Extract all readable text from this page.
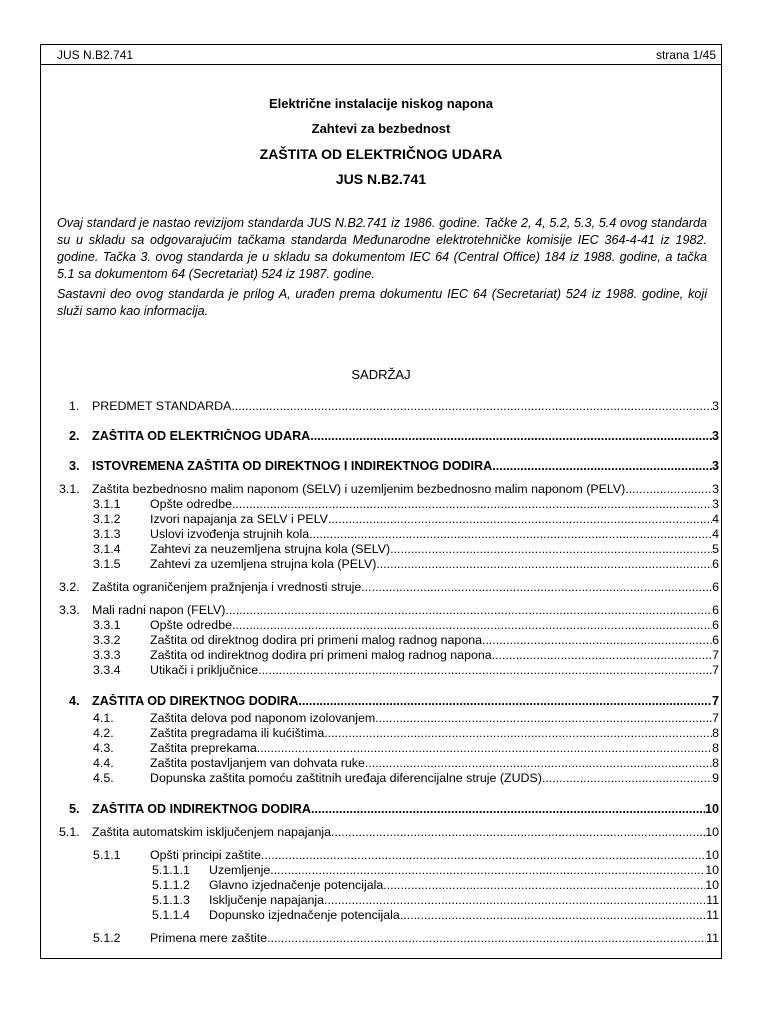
JUS N.B2.741	strana 1/45
Električne instalacije niskog napona
Zahtevi za bezbednost
ZAŠTITA OD ELEKTRIČNOG UDARA
JUS N.B2.741

Ovaj standard je nastao revizijom standarda JUS N.B2.741 iz 1986. godine. Tačke 2, 4, 5.2, 5.3, 5.4 ovog standarda su u skladu sa odgovarajućim tačkama standarda Međunarodne elektrotehničke komisije IEC 364-4-41 iz 1982. godine. Tačka 3. ovog standarda je u skladu sa dokumentom IEC 64 (Central Office) 184 iz 1988. godine, a tačka 5.1 sa dokumentom 64 (Secretariat) 524 iz 1987. godine.

Sastavni deo ovog standarda je prilog A, urađen prema dokumentu IEC 64 (Secretariat) 524 iz 1988. godine, koji služi samo kao informacija.

SADRŽAJ
1. PREDMET STANDARDA .....	3
2. ZAŠTITA OD ELEKTRIČNOG UDARA .....	3
3. ISTOVREMENA ZAŠTITA OD DIREKTNOG I INDIREKTNOG DODIRA .....	3
3.1. Zaštita bezbednosno malim naponom (SELV) i uzemljenim bezbednosno malim naponom (PELV) .....	3
3.1.1 Opšte odredbe .....	3
3.1.2 Izvori napajanja za SELV i PELV .....	4
3.1.3 Uslovi izvođenja strujnih kola .....	4
3.1.4 Zahtevi za neuzemljena strujna kola (SELV) .....	5
3.1.5 Zahtevi za uzemljena strujna kola (PELV) .....	6
3.2. Zaštita ograničenjem pražnjenja i vrednosti struje .....	6
3.3. Mali radni napon (FELV) .....	6
3.3.1 Opšte odredbe .....	6
3.3.2 Zaštita od direktnog dodira pri primeni malog radnog napona .....	6
3.3.3 Zaštita od indirektnog dodira pri primeni malog radnog napona .....	7
3.3.4 Utikači i priključnice .....	7
4. ZAŠTITA OD DIREKTNOG DODIRA .....	7
4.1.	Zaštita delova pod naponom izolovanjem .....	7
4.2.	Zaštita pregradama ili kućištima .....	8
4.3.	Zaštita preprekama .....	8
4.4.	Zaštita postavljanjem van dohvata ruke .....	8
4.5.	Dopunska zaštita pomoću zaštitnih uređaja diferencijalne struje (ZUDS) .....	9
5. ZAŠTITA OD INDIREKTNOG DODIRA .....	10
5.1. Zaštita automatskim isključenjem napajanja .....	10
5.1.1 Opšti principi zaštite .....	10
5.1.1.1 Uzemljenje .....	10
5.1.1.2 Glavno izjednačenje potencijala .....	10
5.1.1.3 Isključenje napajanja .....	11
5.1.1.4 Dopunsko izjednačenje potencijala .....	11
5.1.2 Primena mere zaštite .....	11
